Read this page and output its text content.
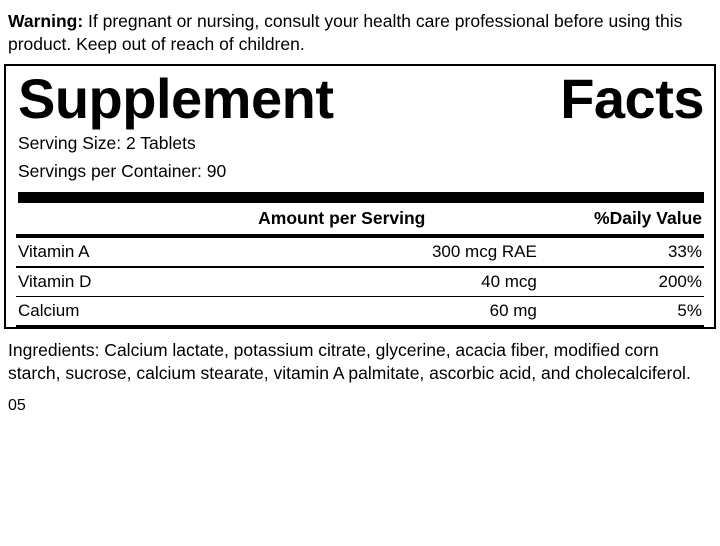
Warning: If pregnant or nursing, consult your health care professional before using this product. Keep out of reach of children.
Supplement	Facts
Serving Size: 2 Tablets
Servings per Container: 90
	Amount per Serving	%Daily Value
Vitamin A	300 mcg RAE	33%

Vitamin D	40 mcg	200%

Calcium	60 mg	5%

Ingredients: Calcium lactate, potassium citrate, glycerine, acacia fiber, modified corn starch, sucrose, calcium stearate, vitamin A palmitate, ascorbic acid, and cholecalciferol.
05
